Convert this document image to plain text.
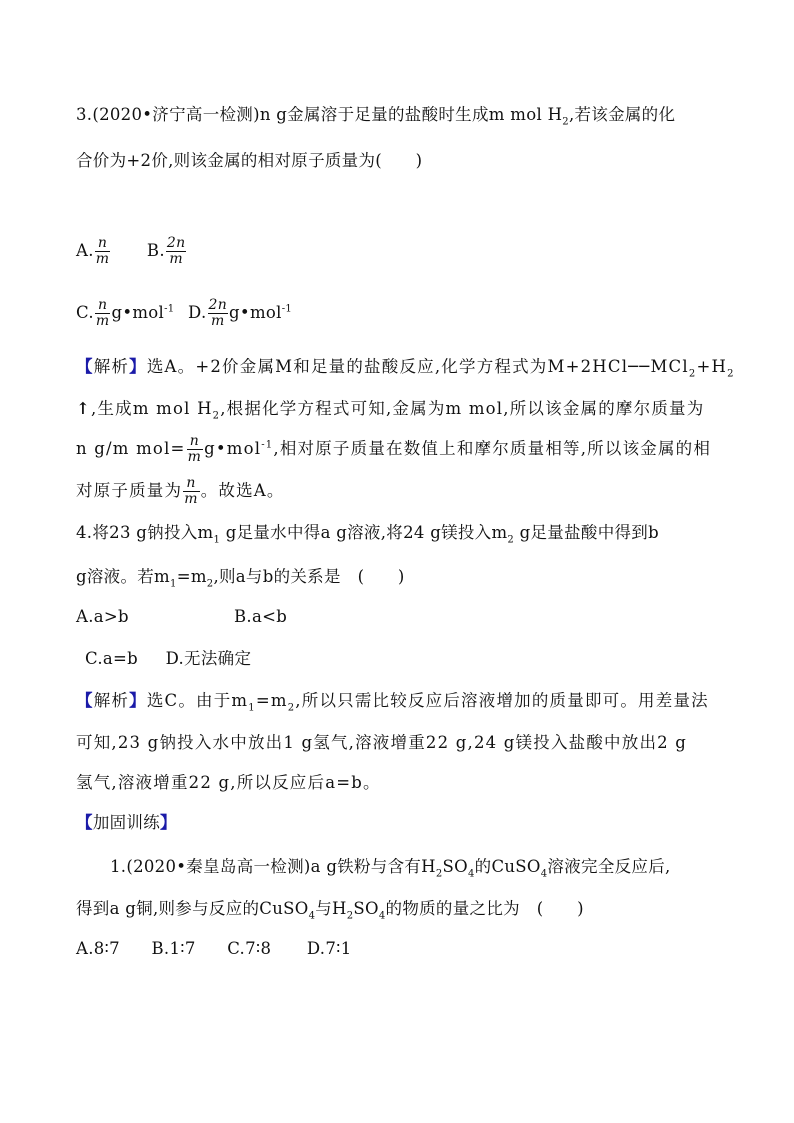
3.(2020•济宁高一检测)n g金属溶于足量的盐酸时生成m mol $H_2$,若该金属的化
合价为+2价,则该金属的相对原子质量为(　　)
A. $\frac{n}{m} B$. $\frac{2n}{m}$
C. $\frac{n}{m}$ g•mol$^{-1}$ D. $\frac{2n}{m}$ g•mol$^{-1}$
【解析】选A。+2价金属M和足量的盐酸反应,化学方程式为$M+2HCl──MCl_2+H_2$
↑,生成m mol $H_2$,根据化学方程式可知,金属为m mol,所以该金属的摩尔质量为
n g/m $mol= \frac{n}{m}$ g•mol$^{-1}$,相对原子质量在数值上和摩尔质量相等,所以该金属的相
对原子质量为 $\frac{n}{m}$ 。故选A。
4.将23 g钠投入$m_1$ g足量水中得a g溶液,将24 g镁投入$m_2$ g足量盐酸中得到b
g溶液。若$m_1=m_2$,则a与b的关系是　(　　)
A.a>b	B.a<b
C.a=b D.无法确定
【解析】选C。由于$m_1=m_2$,所以只需比较反应后溶液增加的质量即可。用差量法
可知,23 g钠投入水中放出1 g氢气,溶液增重22 g,24 g镁投入盐酸中放出2 g
氢气,溶液增重22 g,所以反应后a=b。
【加固训练】
1.(2020•秦皇岛高一检测)a g铁粉与含有$H_2SO_4$的CuSO$_4$溶液完全反应后,
得到a g铜,则参与反应的CuSO$_4$与$H_2SO_4$的物质的量之比为　(　　)
A.8∶7 B.1∶7 C.7∶8 D.7∶1
